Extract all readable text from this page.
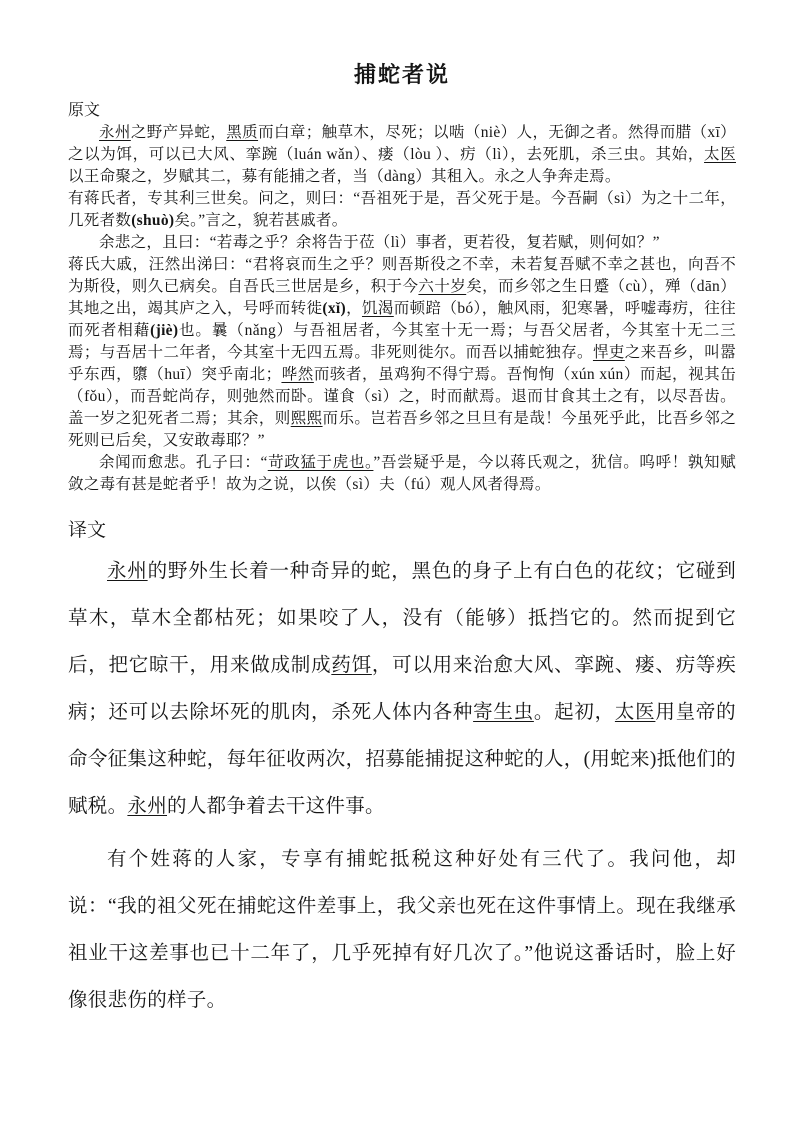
捕蛇者说
原文

永州之野产异蛇，黑质而白章；触草木，尽死；以啮（niè）人，无御之者。然得而腊（xī）之以为饵，可以已大风、挛踠（luán wǎn）、瘘（lòu ）、疠（lì），去死肌，杀三虫。其始，太医以王命聚之，岁赋其二，募有能捕之者，当（dàng）其租入。永之人争奔走焉。

有蒋氏者，专其利三世矣。问之，则曰：“吾祖死于是，吾父死于是。今吾嗣（sì）为之十二年，几死者数(shuò)矣。”言之，貌若甚戚者。

余悲之，且曰：“若毒之乎？余将告于莅（lì）事者，更若役，复若赋，则何如？”

蒋氏大戚，汪然出涕曰：“君将哀而生之乎？则吾斯役之不幸，未若复吾赋不幸之甚也，向吾不为斯役，则久已病矣。自吾氏三世居是乡，积于今六十岁矣，而乡邻之生日蹙（cù），殚（dān）其地之出，竭其庐之入，号呼而转徙(xǐ)，饥渴而顿踣（bó），触风雨，犯寒暑，呼嘘毒疠，往往而死者相藉(jiè)也。曩（nǎng）与吾祖居者，今其室十无一焉；与吾父居者，今其室十无二三焉；与吾居十二年者，今其室十无四五焉。非死则徙尔。而吾以捕蛇独存。悍吏之来吾乡，叫嚣乎东西，隳（huī）突乎南北；哗然而骇者，虽鸡狗不得宁焉。吾恂恂（xún xún）而起，视其缶（fǒu），而吾蛇尚存，则弛然而卧。谨食（sì）之，时而献焉。退而甘食其土之有，以尽吾齿。盖一岁之犯死者二焉；其余，则熙熙而乐。岂若吾乡邻之旦旦有是哉！今虽死乎此，比吾乡邻之死则已后矣，又安敢毒耶？”

余闻而愈悲。孔子曰：“苛政猛于虎也。”吾尝疑乎是，今以蒋氏观之，犹信。呜呼！孰知赋敛之毒有甚是蛇者乎！故为之说，以俟（sì）夫（fú）观人风者得焉。

译文

永州的野外生长着一种奇异的蛇，黑色的身子上有白色的花纹；它碰到草木，草木全都枯死；如果咬了人，没有（能够）抵挡它的。然而捉到它后，把它晾干，用来做成制成药饵，可以用来治愈大风、挛踠、瘘、疠等疾病；还可以去除坏死的肌肉，杀死人体内各种寄生虫。起初，太医用皇帝的命令征集这种蛇，每年征收两次，招募能捕捉这种蛇的人，(用蛇来)抵他们的赋税。永州的人都争着去干这件事。

有个姓蒋的人家，专享有捕蛇抵税这种好处有三代了。我问他，却说：“我的祖父死在捕蛇这件差事上，我父亲也死在这件事情上。现在我继承祖业干这差事也已十二年了，几乎死掉有好几次了。”他说这番话时，脸上好像很悲伤的样子。
